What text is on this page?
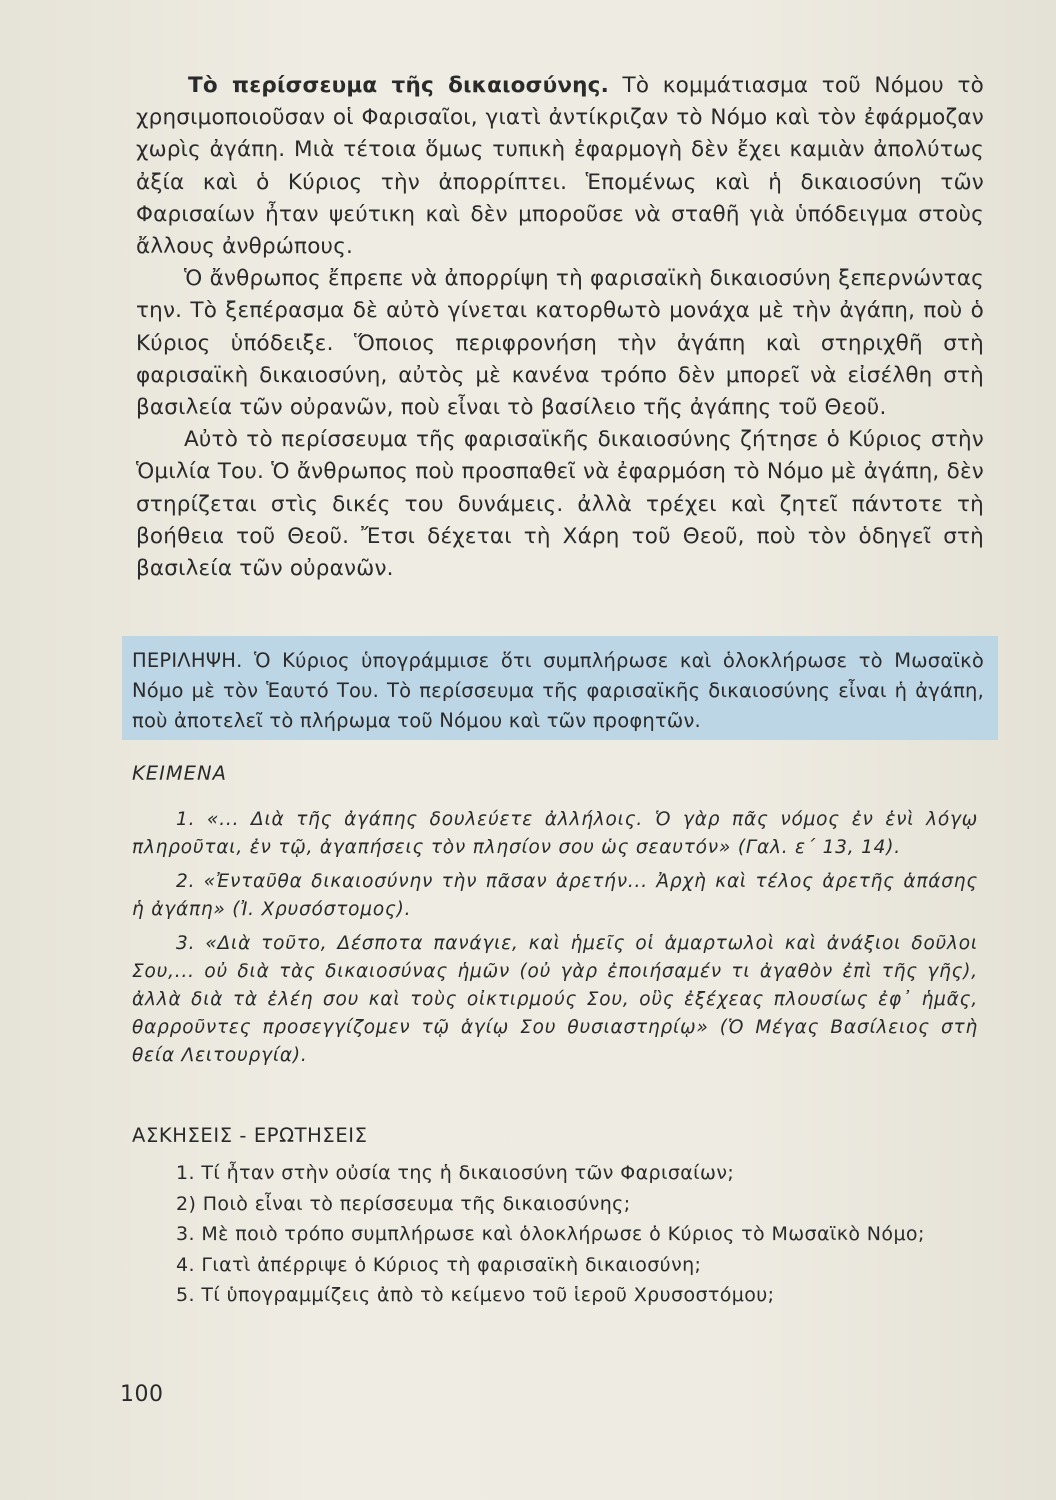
Τὸ περίσσευμα τῆς δικαιοσύνης. Τὸ κομμάτιασμα τοῦ Νόμου τὸ χρησιμοποιοῦσαν οἱ Φαρισαῖοι, γιατὶ ἀντίκριζαν τὸ Νόμο καὶ τὸν ἐφάρμοζαν χωρὶς ἀγάπη. Μιὰ τέτοια ὅμως τυπικὴ ἐφαρμογὴ δὲν ἔχει καμιὰν ἀπολύτως ἀξία καὶ ὁ Κύριος τὴν ἀπορρίπτει. Ἑπομένως καὶ ἡ δικαιοσύνη τῶν Φαρισαίων ἦταν ψεύτικη καὶ δὲν μποροῦσε νὰ σταθῆ γιὰ ὑπόδειγμα στοὺς ἄλλους ἀνθρώπους.

Ὁ ἄνθρωπος ἔπρεπε νὰ ἀπορρίψη τὴ φαρισαϊκὴ δικαιοσύνη ξεπερνώντας την. Τὸ ξεπέρασμα δὲ αὐτὸ γίνεται κατορθωτὸ μονάχα μὲ τὴν ἀγάπη, ποὺ ὁ Κύριος ὑπόδειξε. Ὅποιος περιφρονήση τὴν ἀγάπη καὶ στηριχθῆ στὴ φαρισαϊκὴ δικαιοσύνη, αὐτὸς μὲ κανένα τρόπο δὲν μπορεῖ νὰ εἰσέλθη στὴ βασιλεία τῶν οὐρανῶν, ποὺ εἶναι τὸ βασίλειο τῆς ἀγάπης τοῦ Θεοῦ.

Αὐτὸ τὸ περίσσευμα τῆς φαρισαϊκῆς δικαιοσύνης ζήτησε ὁ Κύριος στὴν Ὁμιλία Του. Ὁ ἄνθρωπος ποὺ προσπαθεῖ νὰ ἐφαρμόση τὸ Νόμο μὲ ἀγάπη, δὲν στηρίζεται στὶς δικές του δυνάμεις. ἀλλὰ τρέχει καὶ ζητεῖ πάντοτε τὴ βοήθεια τοῦ Θεοῦ. Ἔτσι δέχεται τὴ Χάρη τοῦ Θεοῦ, ποὺ τὸν ὁδηγεῖ στὴ βασιλεία τῶν οὐρανῶν.

ΠΕΡΙΛΗΨΗ. Ὁ Κύριος ὑπογράμμισε ὅτι συμπλήρωσε καὶ ὁλοκλήρωσε τὸ Μωσαϊκὸ Νόμο μὲ τὸν Ἑαυτό Του. Τὸ περίσσευμα τῆς φαρισαϊκῆς δικαιοσύνης εἶναι ἡ ἀγάπη, ποὺ ἀποτελεῖ τὸ πλήρωμα τοῦ Νόμου καὶ τῶν προφητῶν.

ΚΕΙΜΕΝΑ

1. «... Διὰ τῆς ἀγάπης δουλεύετε ἀλλήλοις. Ὁ γὰρ πᾶς νόμος ἐν ἑνὶ λόγῳ πληροῦται, ἐν τῷ, ἀγαπήσεις τὸν πλησίον σου ὡς σεαυτόν» (Γαλ. ε΄ 13, 14).

2. «Ἐνταῦθα δικαιοσύνην τὴν πᾶσαν ἀρετήν... Ἀρχὴ καὶ τέλος ἀρετῆς ἁπάσης ἡ ἀγάπη» (Ἰ. Χρυσόστομος).

3. «Διὰ τοῦτο, Δέσποτα πανάγιε, καὶ ἡμεῖς οἱ ἁμαρτωλοὶ καὶ ἀνάξιοι δοῦλοι Σου,... οὐ διὰ τὰς δικαιοσύνας ἡμῶν (οὐ γὰρ ἐποιήσαμέν τι ἀγαθὸν ἐπὶ τῆς γῆς), ἀλλὰ διὰ τὰ ἐλέη σου καὶ τοὺς οἰκτιρμούς Σου, οὓς ἐξέχεας πλουσίως ἐφ᾽ ἡμᾶς, θαρροῦντες προσεγγίζομεν τῷ ἁγίῳ Σου θυσιαστηρίῳ» (Ὁ Μέγας Βασίλειος στὴ θεία Λειτουργία).

ΑΣΚΗΣΕΙΣ - ΕΡΩΤΗΣΕΙΣ

1. Τί ἦταν στὴν οὐσία της ἡ δικαιοσύνη τῶν Φαρισαίων;
2) Ποιὸ εἶναι τὸ περίσσευμα τῆς δικαιοσύνης;
3. Μὲ ποιὸ τρόπο συμπλήρωσε καὶ ὁλοκλήρωσε ὁ Κύριος τὸ Μωσαϊκὸ Νόμο;
4. Γιατὶ ἀπέρριψε ὁ Κύριος τὴ φαρισαϊκὴ δικαιοσύνη;
5. Τί ὑπογραμμίζεις ἀπὸ τὸ κείμενο τοῦ ἱεροῦ Χρυσοστόμου;
100
